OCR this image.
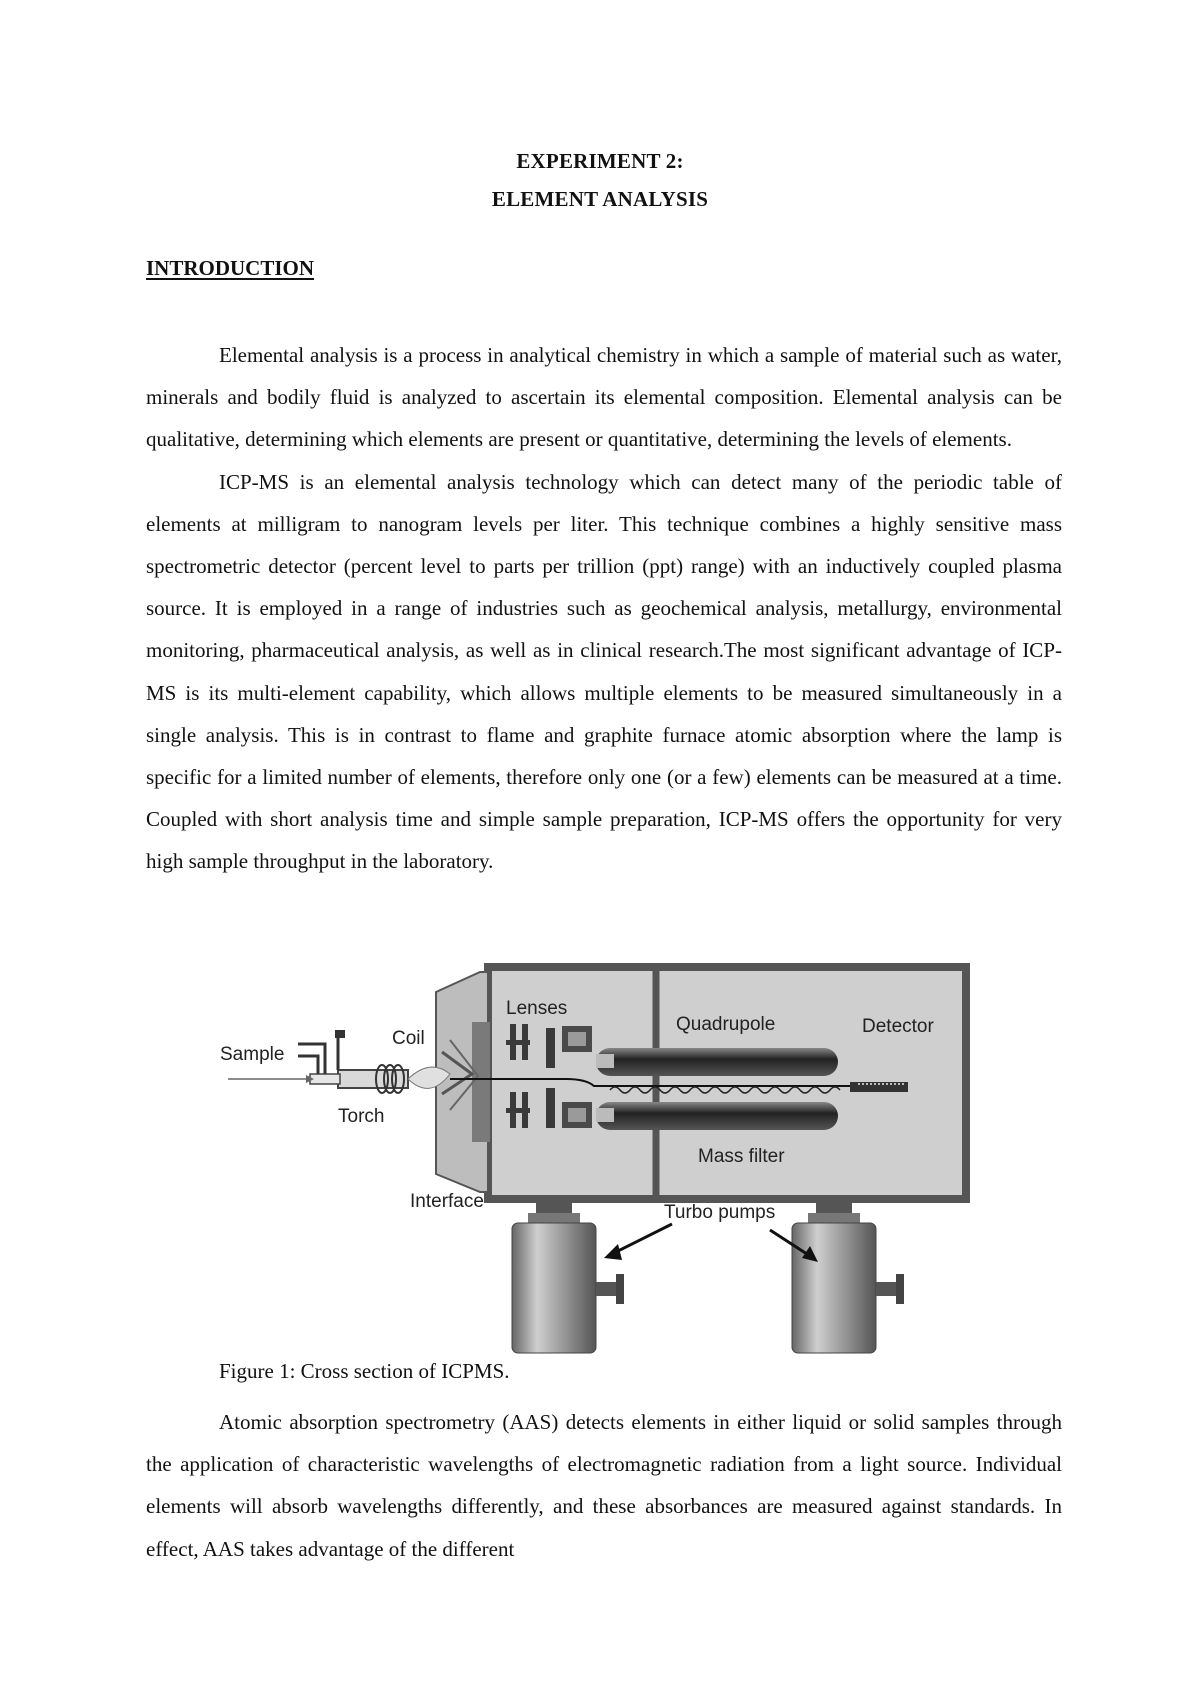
EXPERIMENT 2:
ELEMENT ANALYSIS
INTRODUCTION

Elemental analysis is a process in analytical chemistry in which a sample of material such as water, minerals and bodily fluid is analyzed to ascertain its elemental composition. Elemental analysis can be qualitative, determining which elements are present or quantitative, determining the levels of elements.

ICP-MS is an elemental analysis technology which can detect many of the periodic table of elements at milligram to nanogram levels per liter. This technique combines a highly sensitive mass spectrometric detector (percent level to parts per trillion (ppt) range) with an inductively coupled plasma source. It is employed in a range of industries such as geochemical analysis, metallurgy, environmental monitoring, pharmaceutical analysis, as well as in clinical research.The most significant advantage of ICP-MS is its multi-element capability, which allows multiple elements to be measured simultaneously in a single analysis. This is in contrast to flame and graphite furnace atomic absorption where the lamp is specific for a limited number of elements, therefore only one (or a few) elements can be measured at a time. Coupled with short analysis time and simple sample preparation, ICP-MS offers the opportunity for very high sample throughput in the laboratory.

Sample
Coil
Torch
Interface
Lenses
Quadrupole	Detector
Mass filter
Turbo pumps
Figure 1: Cross section of ICPMS.

Atomic absorption spectrometry (AAS) detects elements in either liquid or solid samples through the application of characteristic wavelengths of electromagnetic radiation from a light source. Individual elements will absorb wavelengths differently, and these absorbances are measured against standards. In effect, AAS takes advantage of the different
